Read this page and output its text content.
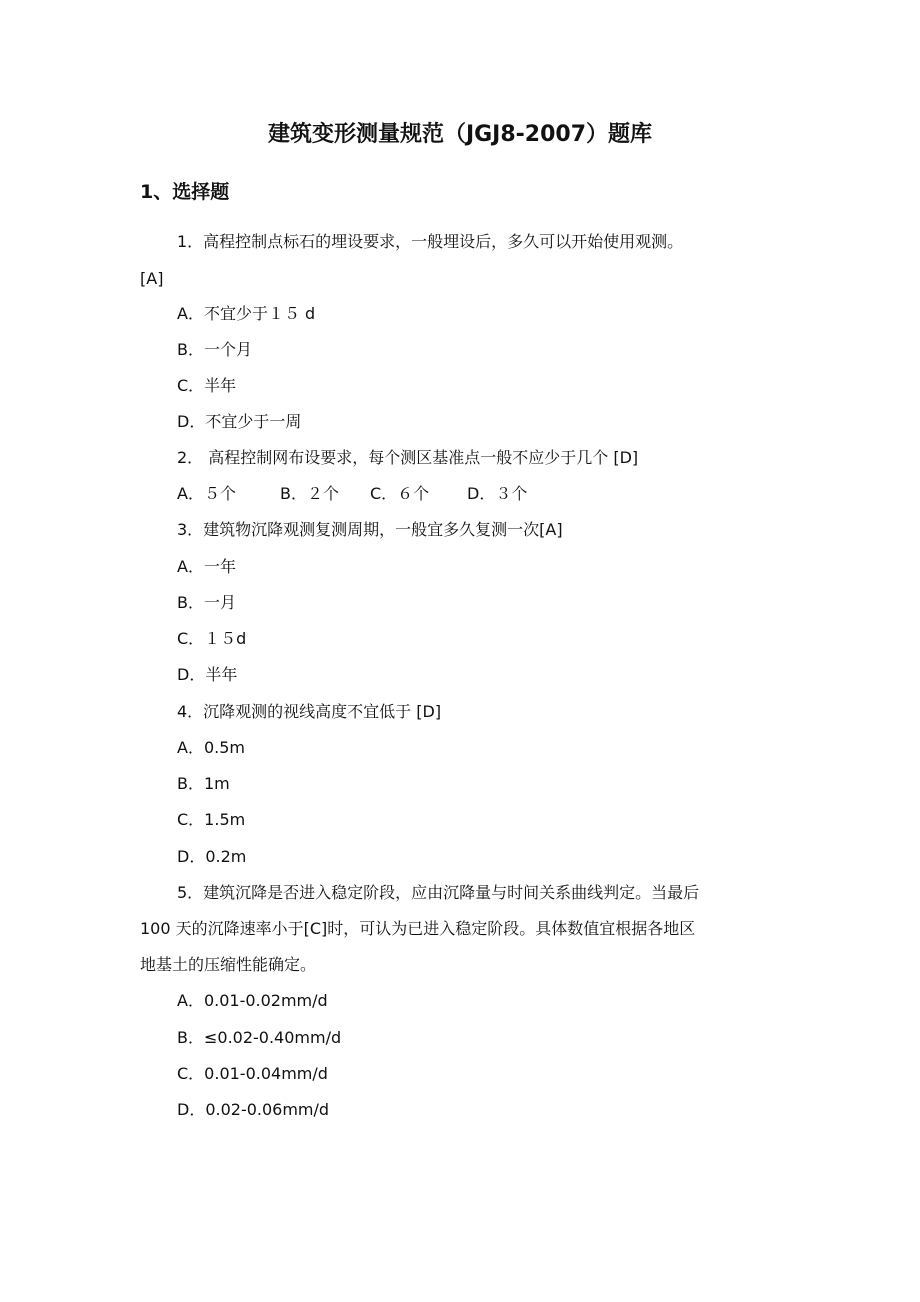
建筑变形测量规范（JGJ8-2007）题库
1、选择题
1．高程控制点标石的埋设要求，一般埋设后，多久可以开始使用观测。
[A]
A．不宜少于１５ d
B．一个月
C．半年
D．不宜少于一周
2． 高程控制网布设要求，每个测区基准点一般不应少于几个 [D]
A．５个	B．２个 C．６个 D．３个
3．建筑物沉降观测复测周期，一般宜多久复测一次[A]
A．一年
B．一月
C．１５d
D．半年
4．沉降观测的视线高度不宜低于 [D]
A．0.5m
B．1m
C．1.5m
D．0.2m
5．建筑沉降是否进入稳定阶段，应由沉降量与时间关系曲线判定。当最后
100 天的沉降速率小于[C]时，可认为已进入稳定阶段。具体数值宜根据各地区
地基土的压缩性能确定。
A．0.01-0.02mm/d
B．≤0.02-0.40mm/d
C．0.01-0.04mm/d
D．0.02-0.06mm/d
